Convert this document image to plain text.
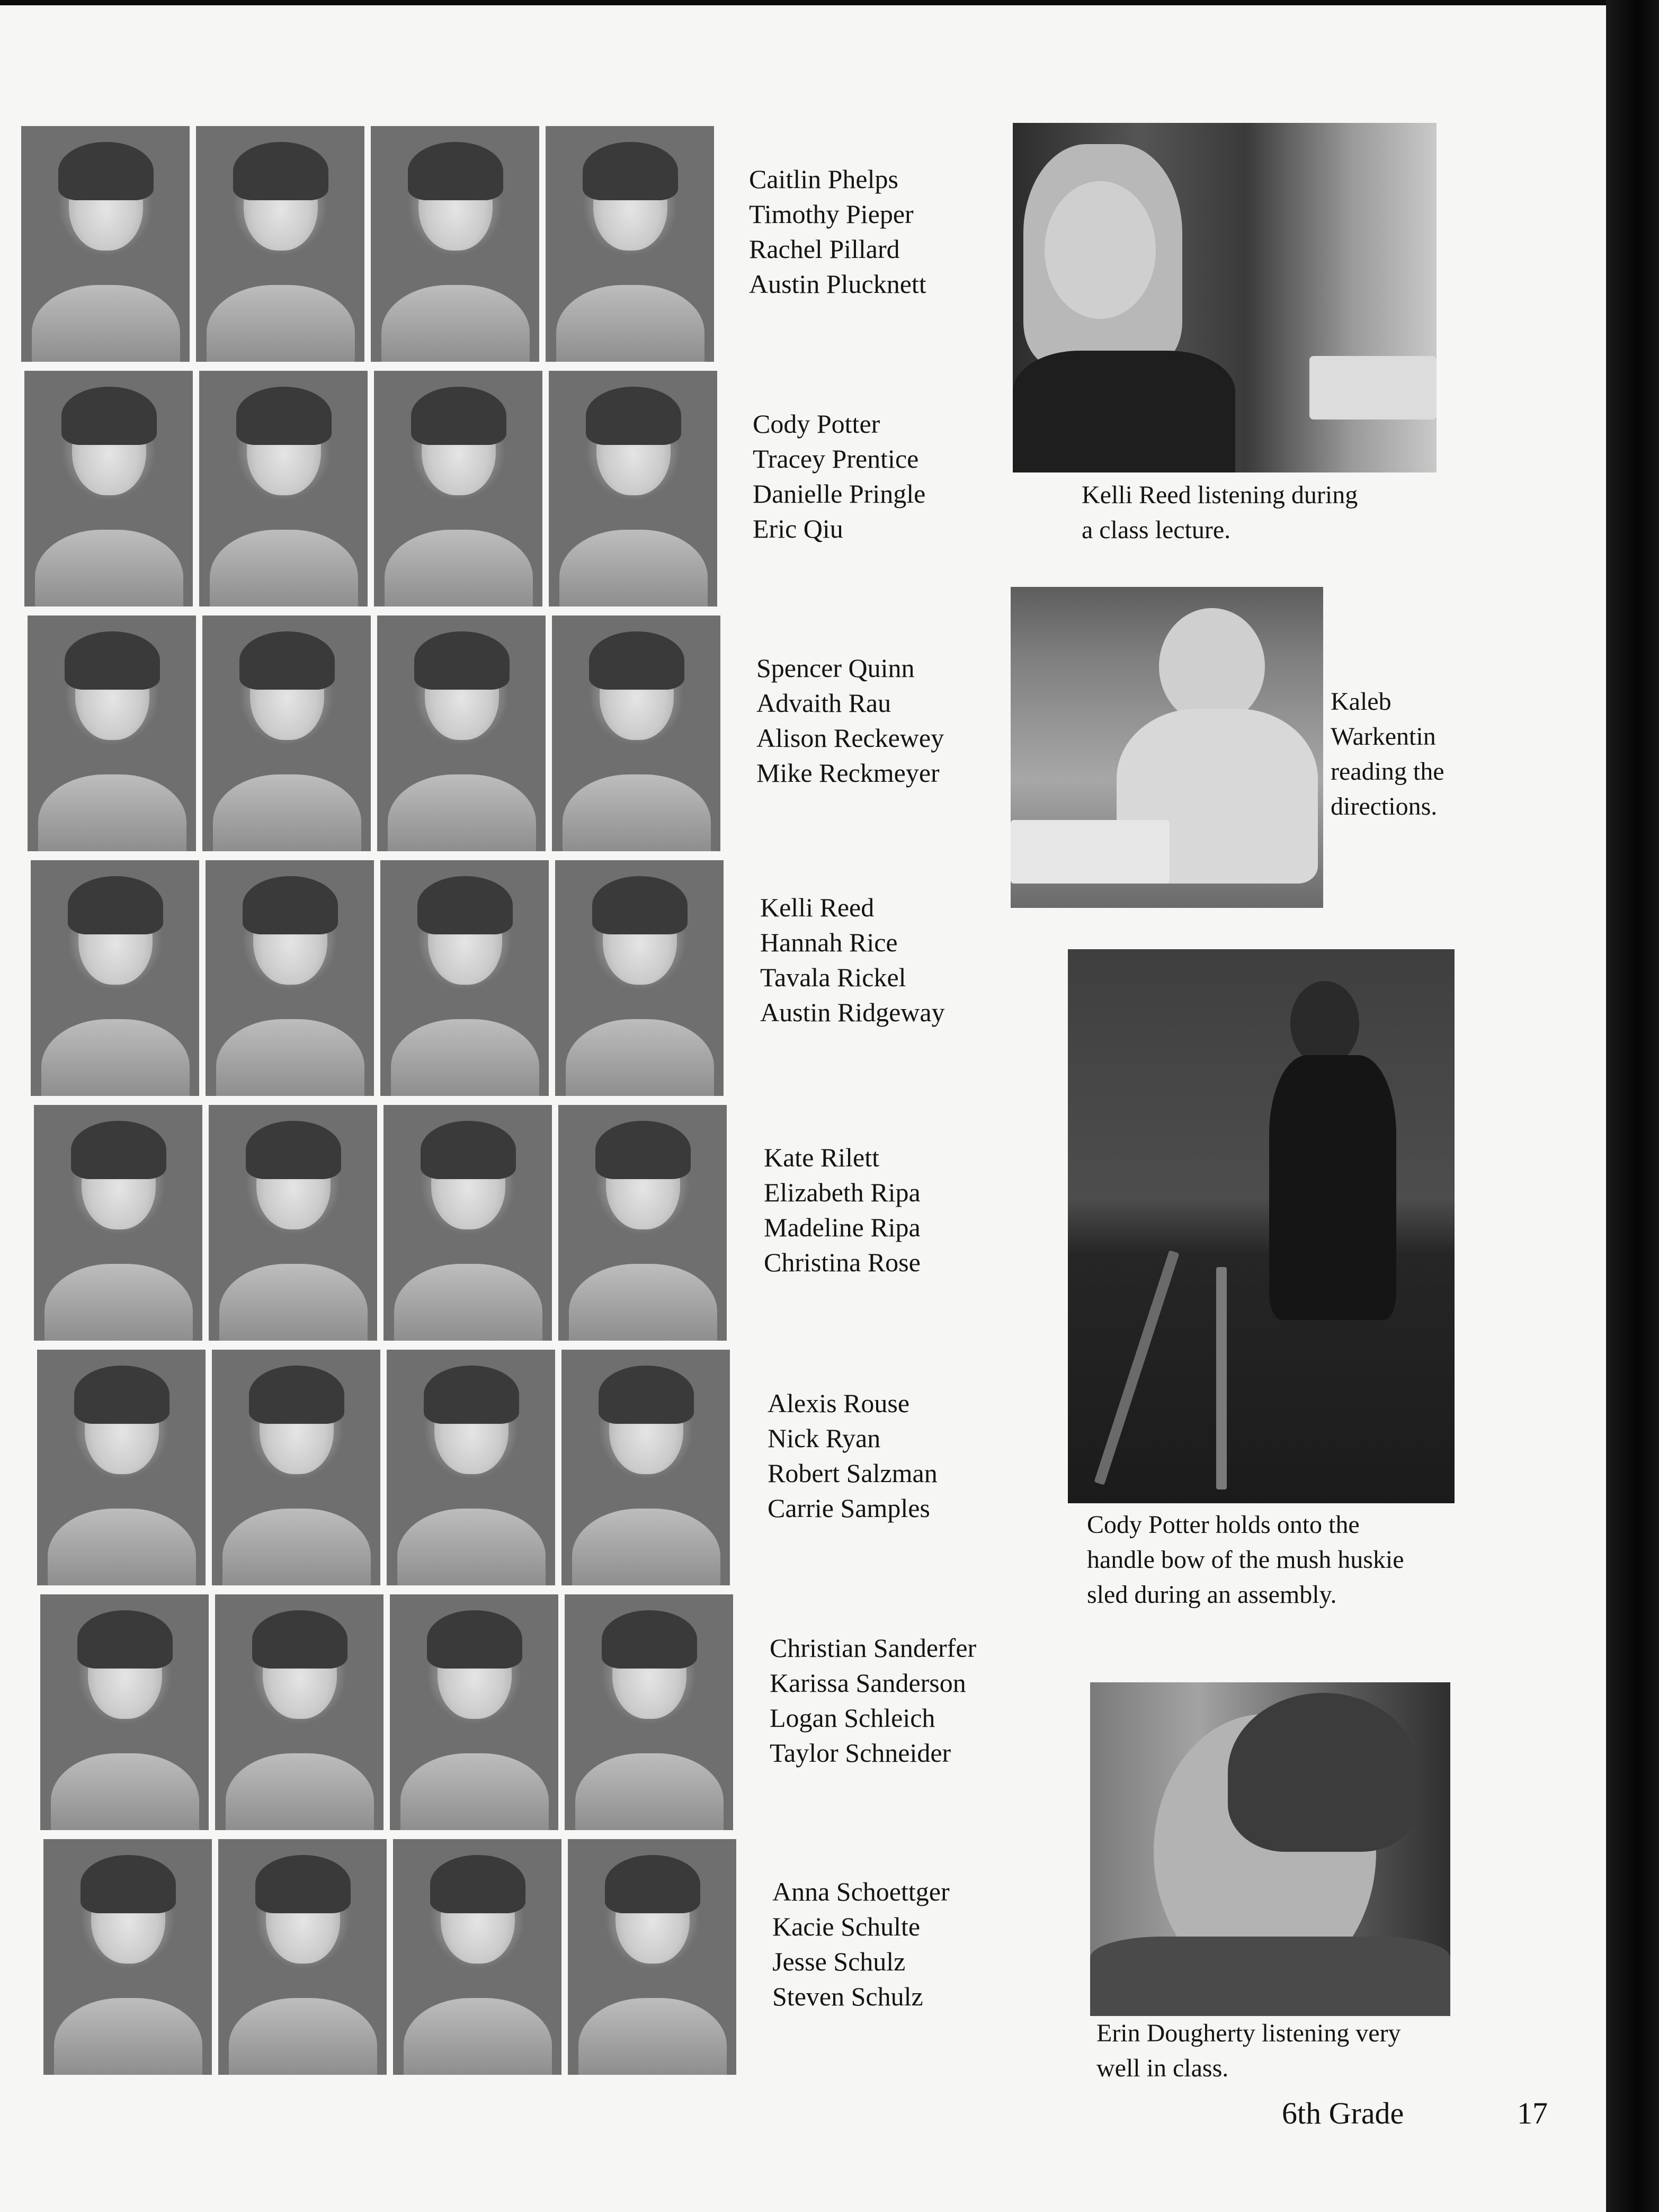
Caitlin Phelps
Timothy Pieper
Rachel Pillard
Austin Plucknett
Cody Potter
Tracey Prentice
Danielle Pringle
Eric Qiu
Spencer Quinn
Advaith Rau
Alison Reckewey
Mike Reckmeyer
Kelli Reed
Hannah Rice
Tavala Rickel
Austin Ridgeway
Kate Rilett
Elizabeth Ripa
Madeline Ripa
Christina Rose
Alexis Rouse
Nick Ryan
Robert Salzman
Carrie Samples
Christian Sanderfer
Karissa Sanderson
Logan Schleich
Taylor Schneider
Anna Schoettger
Kacie Schulte
Jesse Schulz
Steven Schulz
Kelli Reed listening during
a class lecture.
Kaleb
Warkentin
reading the
directions.
Cody Potter holds onto the
handle bow of the mush huskie
sled during an assembly.
Erin Dougherty listening very
well in class.
6th Grade	17
